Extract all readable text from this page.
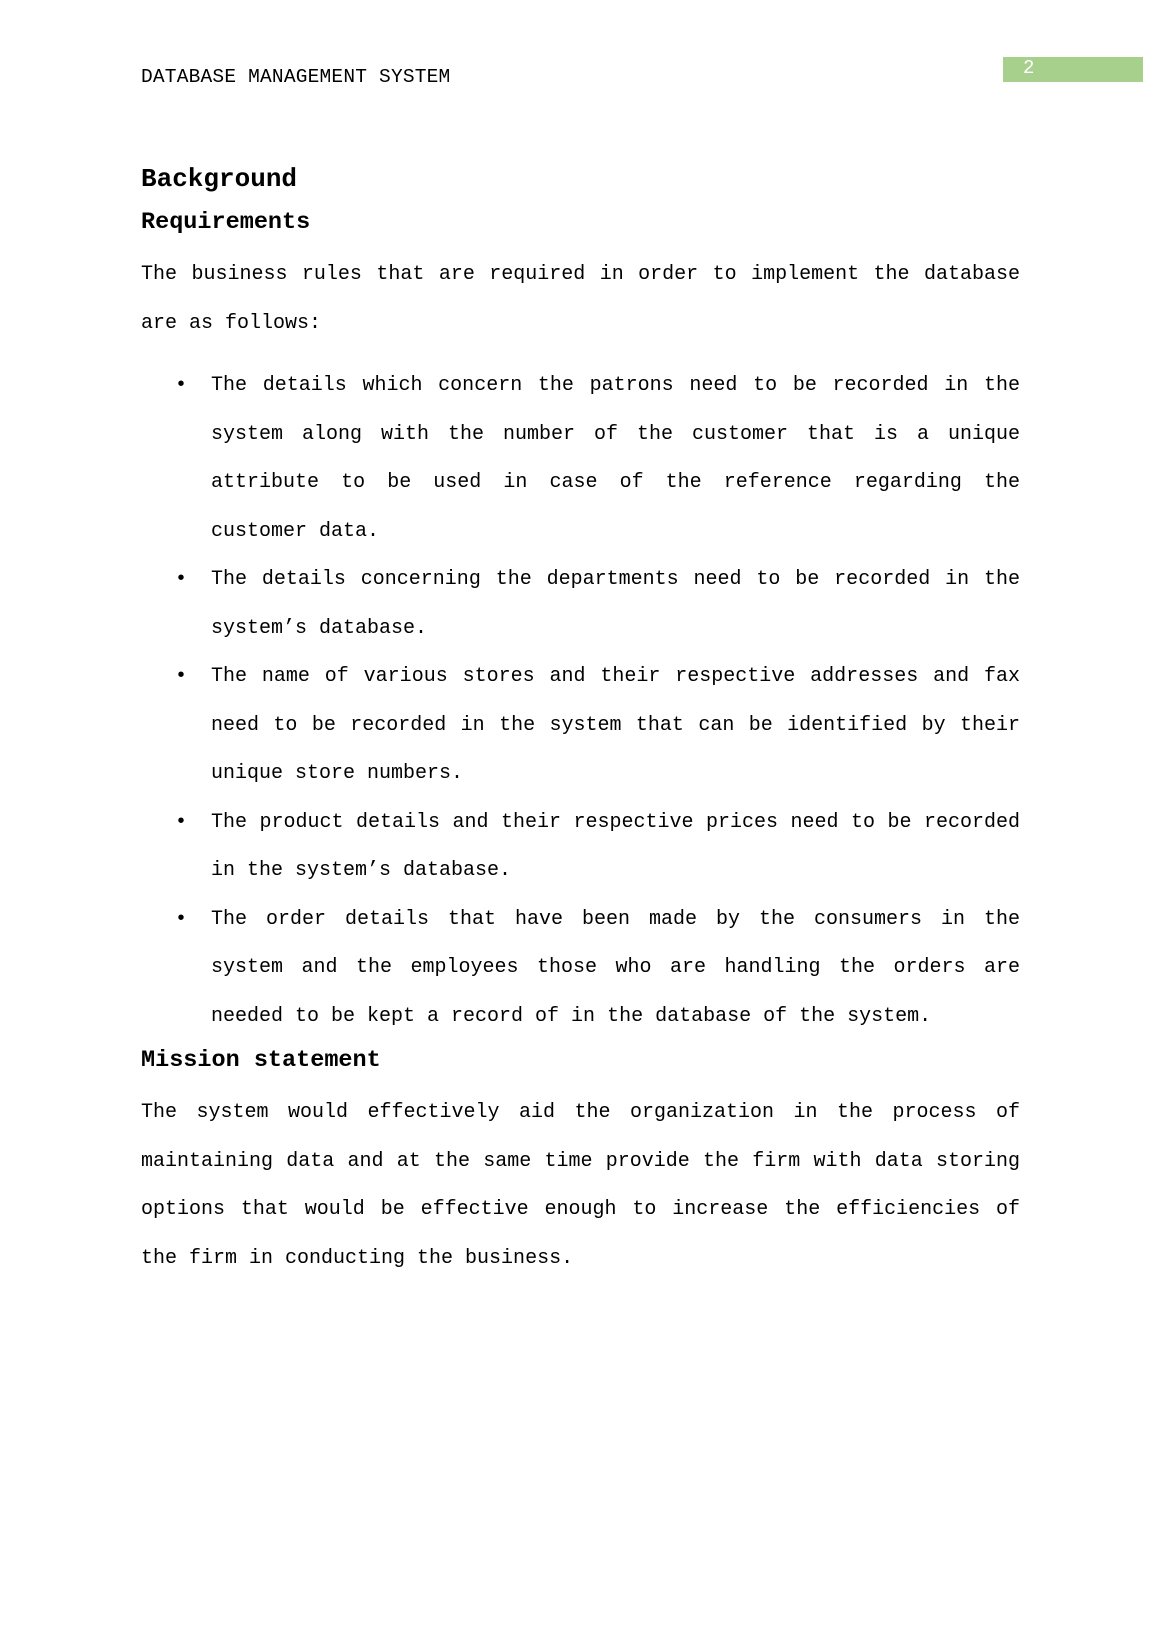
DATABASE MANAGEMENT SYSTEM	2
Background
Requirements

The business rules that are required in order to implement the database are as follows:

• The details which concern the patrons need to be recorded in the system along with the number of the customer that is a unique attribute to be used in case of the reference regarding the customer data.
• The details concerning the departments need to be recorded in the system’s database.
• The name of various stores and their respective addresses and fax need to be recorded in the system that can be identified by their unique store numbers.
• The product details and their respective prices need to be recorded in the system’s database.
• The order details that have been made by the consumers in the system and the employees those who are handling the orders are needed to be kept a record of in the database of the system.
Mission statement

The system would effectively aid the organization in the process of maintaining data and at the same time provide the firm with data storing options that would be effective enough to increase the efficiencies of the firm in conducting the business.
